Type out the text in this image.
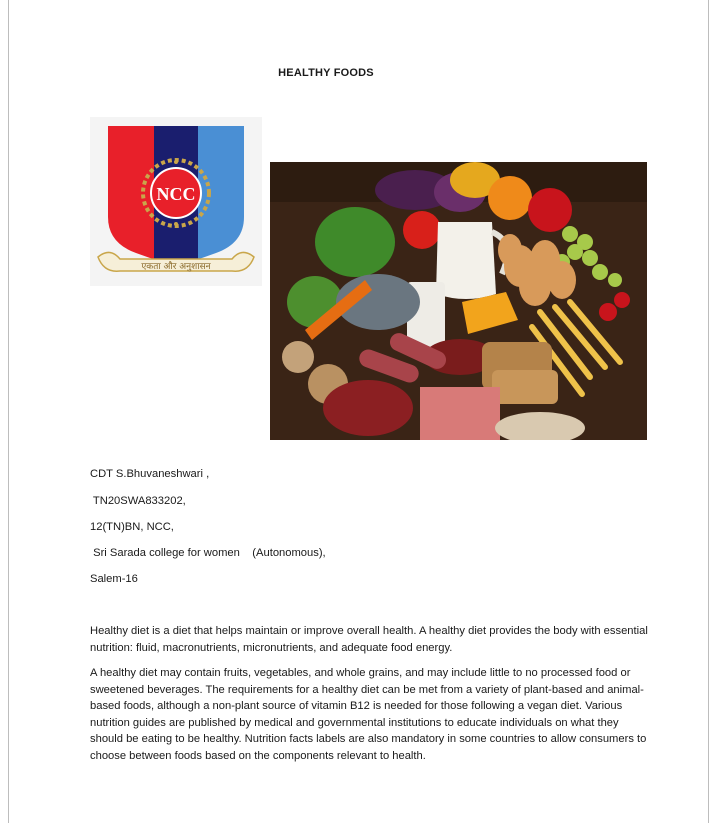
HEALTHY FOODS
NCC
एकता और अनुशासन
CDT S.Bhuvaneshwari ,
TN20SWA833202,
12(TN)BN, NCC,
Sri Sarada college for women    (Autonomous),
Salem-16

Healthy diet is a diet that helps maintain or improve overall health. A healthy diet provides the body with essential nutrition: fluid, macronutrients, micronutrients, and adequate food energy.

A healthy diet may contain fruits, vegetables, and whole grains, and may include little to no processed food or sweetened beverages. The requirements for a healthy diet can be met from a variety of plant-based and animal-based foods, although a non-plant source of vitamin B12 is needed for those following a vegan diet. Various nutrition guides are published by medical and governmental institutions to educate individuals on what they should be eating to be healthy. Nutrition facts labels are also mandatory in some countries to allow consumers to choose between foods based on the components relevant to health.
